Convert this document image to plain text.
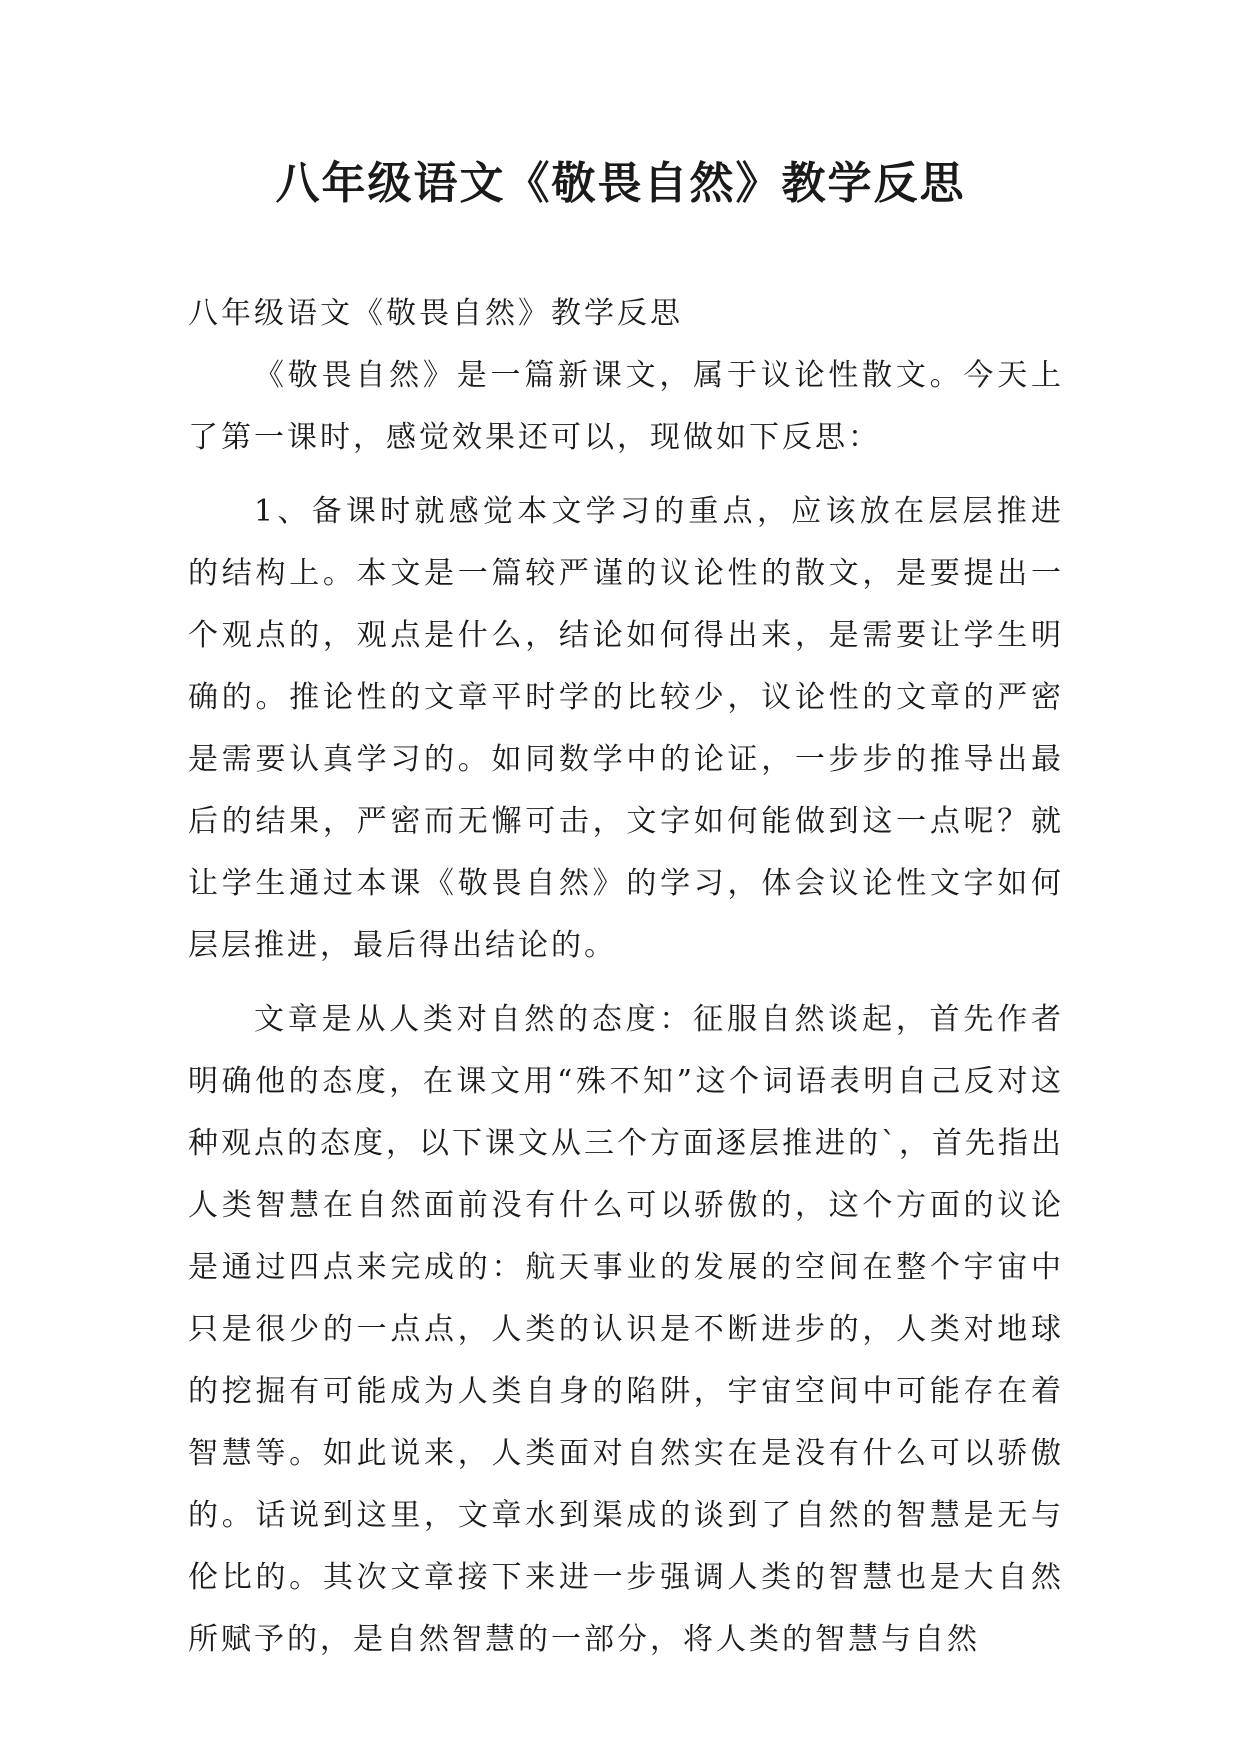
八年级语文《敬畏自然》教学反思

八年级语文《敬畏自然》教学反思

《敬畏自然》是一篇新课文，属于议论性散文。今天上了第一课时，感觉效果还可以，现做如下反思：

1、备课时就感觉本文学习的重点，应该放在层层推进的结构上。本文是一篇较严谨的议论性的散文，是要提出一个观点的，观点是什么，结论如何得出来，是需要让学生明确的。推论性的文章平时学的比较少，议论性的文章的严密是需要认真学习的。如同数学中的论证，一步步的推导出最后的结果，严密而无懈可击，文字如何能做到这一点呢？就让学生通过本课《敬畏自然》的学习，体会议论性文字如何层层推进，最后得出结论的。

文章是从人类对自然的态度：征服自然谈起，首先作者明确他的态度，在课文用“殊不知”这个词语表明自己反对这种观点的态度，以下课文从三个方面逐层推进的`，首先指出人类智慧在自然面前没有什么可以骄傲的，这个方面的议论是通过四点来完成的：航天事业的发展的空间在整个宇宙中只是很少的一点点，人类的认识是不断进步的，人类对地球的挖掘有可能成为人类自身的陷阱，宇宙空间中可能存在着智慧等。如此说来，人类面对自然实在是没有什么可以骄傲的。话说到这里，文章水到渠成的谈到了自然的智慧是无与伦比的。其次文章接下来进一步强调人类的智慧也是大自然所赋予的，是自然智慧的一部分，将人类的智慧与自然
